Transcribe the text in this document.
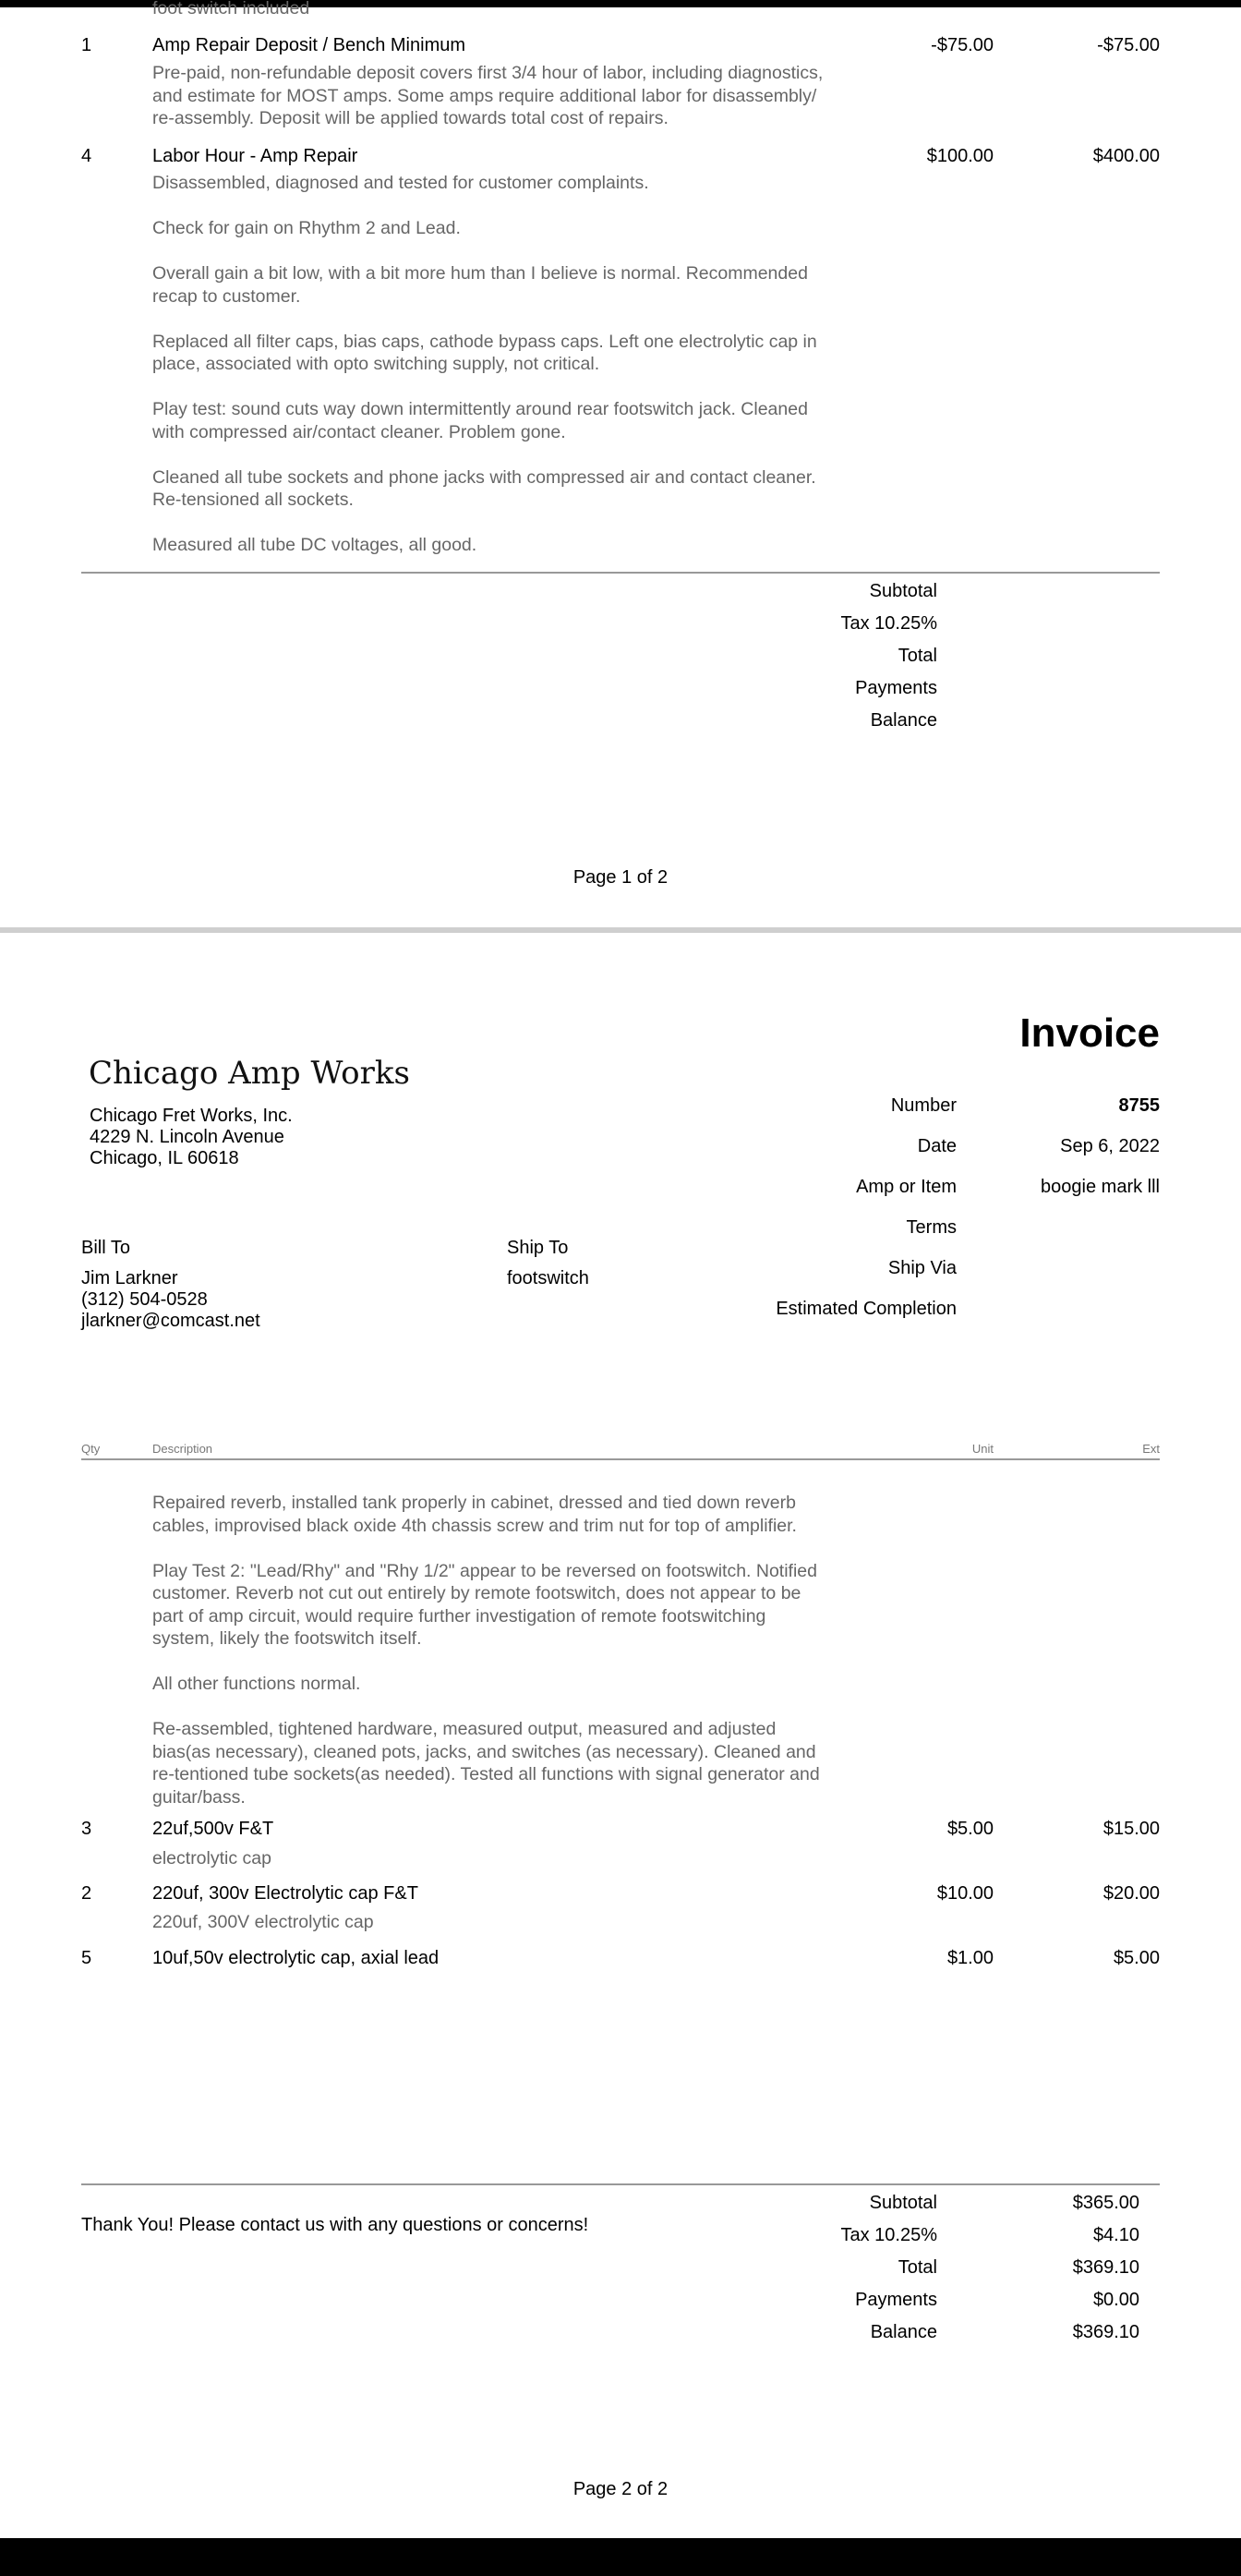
foot switch included
1	Amp Repair Deposit / Bench Minimum	-$75.00	-$75.00
Pre-paid, non-refundable deposit covers first 3/4 hour of labor, including diagnostics,
and estimate for MOST amps. Some amps require additional labor for disassembly/
re-assembly. Deposit will be applied towards total cost of repairs.
4	Labor Hour - Amp Repair	$100.00	$400.00
Disassembled, diagnosed and tested for customer complaints.

Check for gain on Rhythm 2 and Lead.

Overall gain a bit low, with a bit more hum than I believe is normal. Recommended
recap to customer.

Replaced all filter caps, bias caps, cathode bypass caps. Left one electrolytic cap in
place, associated with opto switching supply, not critical.

Play test: sound cuts way down intermittently around rear footswitch jack. Cleaned
with compressed air/contact cleaner. Problem gone.

Cleaned all tube sockets and phone jacks with compressed air and contact cleaner.
Re-tensioned all sockets.

Measured all tube DC voltages, all good.
Subtotal
Tax 10.25%
Total
Payments
Balance
Page 1 of 2
Invoice
Chicago Amp Works
Chicago Fret Works, Inc.
4229 N. Lincoln Avenue
Chicago, IL 60618
Number	8755
Date	Sep 6, 2022
Amp or Item	boogie mark lll
Terms
Ship Via
Estimated Completion
Bill To
Jim Larkner
(312) 504-0528
jlarkner@comcast.net
Ship To
footswitch
Qty	Description	Unit	Ext
Repaired reverb, installed tank properly in cabinet, dressed and tied down reverb
cables, improvised black oxide 4th chassis screw and trim nut for top of amplifier.

Play Test 2: "Lead/Rhy" and "Rhy 1/2" appear to be reversed on footswitch. Notified
customer. Reverb not cut out entirely by remote footswitch, does not appear to be
part of amp circuit, would require further investigation of remote footswitching
system, likely the footswitch itself.

All other functions normal.

Re-assembled, tightened hardware, measured output, measured and adjusted
bias(as necessary), cleaned pots, jacks, and switches (as necessary). Cleaned and
re-tentioned tube sockets(as needed). Tested all functions with signal generator and
guitar/bass.
3	22uf,500v F&T	$5.00	$15.00
electrolytic cap
2	220uf, 300v Electrolytic cap F&T	$10.00	$20.00
220uf, 300V electrolytic cap
5	10uf,50v electrolytic cap, axial lead	$1.00	$5.00
Thank You! Please contact us with any questions or concerns!
Subtotal	$365.00
Tax 10.25%	$4.10
Total	$369.10
Payments	$0.00
Balance	$369.10
Page 2 of 2
